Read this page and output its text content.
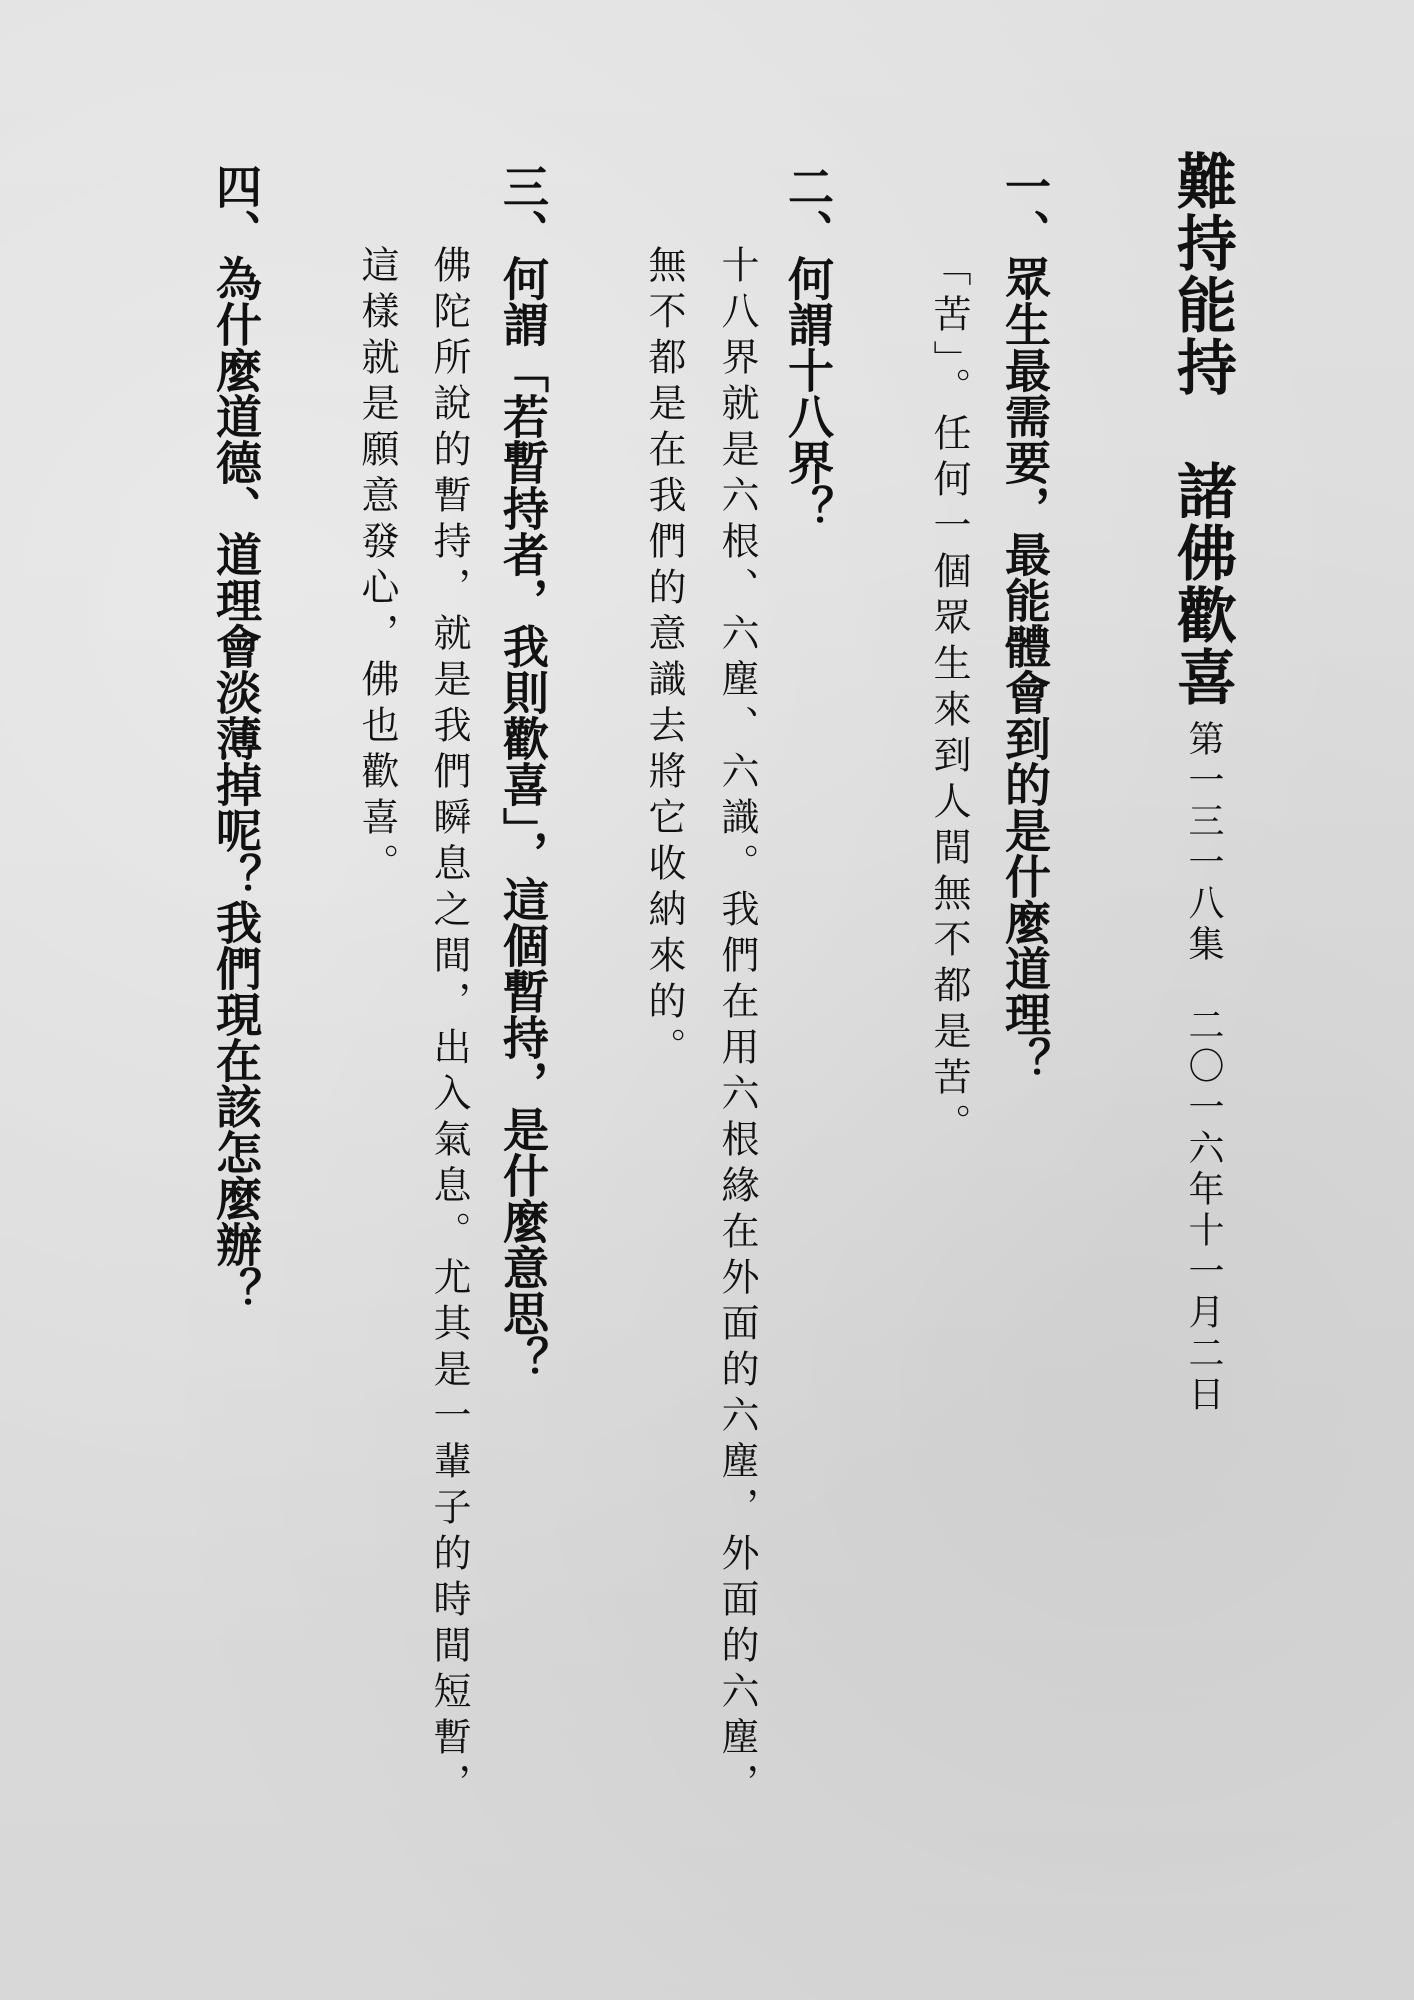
難持能持　諸佛歡喜
第一三一八集二〇一六年十一月二日
一、眾生最需要，最能體會到的是什麼道理？
「苦」。任何一個眾生來到人間無不都是苦。
二、何謂十八界？
十八界就是六根、六塵、六識。我們在用六根緣在外面的六塵，外面的六塵，
無不都是在我們的意識去將它收納來的。
三、何謂「若暫持者，我則歡喜」，這個暫持，是什麼意思？
佛陀所說的暫持，就是我們瞬息之間，出入氣息。尤其是一輩子的時間短暫，
這樣就是願意發心，佛也歡喜。
四、為什麼道德、道理會淡薄掉呢？我們現在該怎麼辦？
